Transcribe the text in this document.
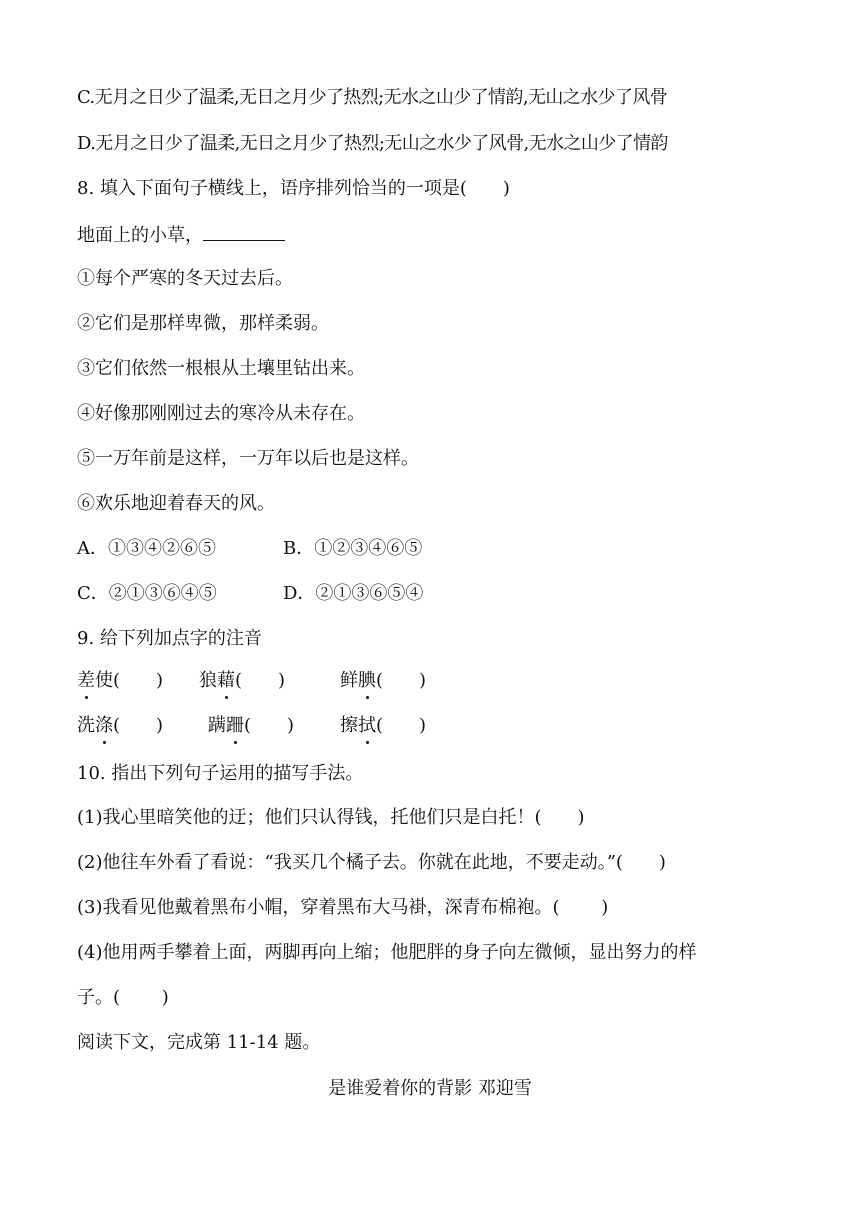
C.无月之日少了温柔,无日之月少了热烈;无水之山少了情韵,无山之水少了风骨
D.无月之日少了温柔,无日之月少了热烈;无山之水少了风骨,无水之山少了情韵
8. 填入下面句子横线上，语序排列恰当的一项是(　　)
地面上的小草，
①每个严寒的冬天过去后。
②它们是那样卑微，那样柔弱。
③它们依然一根根从土壤里钻出来。
④好像那刚刚过去的寒冷从未存在。
⑤一万年前是这样，一万年以后也是这样。
⑥欢乐地迎着春天的风。
A．①③④②⑥⑤	B．①②③④⑥⑤
C．②①③⑥④⑤	D．②①③⑥⑤④
9. 给下列加点字的注音
差使(　　) 狼藉(　　)	鲜腆(　　)
洗涤(　　) 蹒跚(　　)	擦拭(　　)
10. 指出下列句子运用的描写手法。
(1)我心里暗笑他的迂；他们只认得钱，托他们只是白托！(　　)
(2)他往车外看了看说：“我买几个橘子去。你就在此地，不要走动。”(　　)
(3)我看见他戴着黑布小帽，穿着黑布大马褂，深青布棉袍。(　　 )
(4)他用两手攀着上面，两脚再向上缩；他肥胖的身子向左微倾，显出努力的样
子。(　　 )
阅读下文，完成第 11-14 题。
是谁爱着你的背影 邓迎雪
